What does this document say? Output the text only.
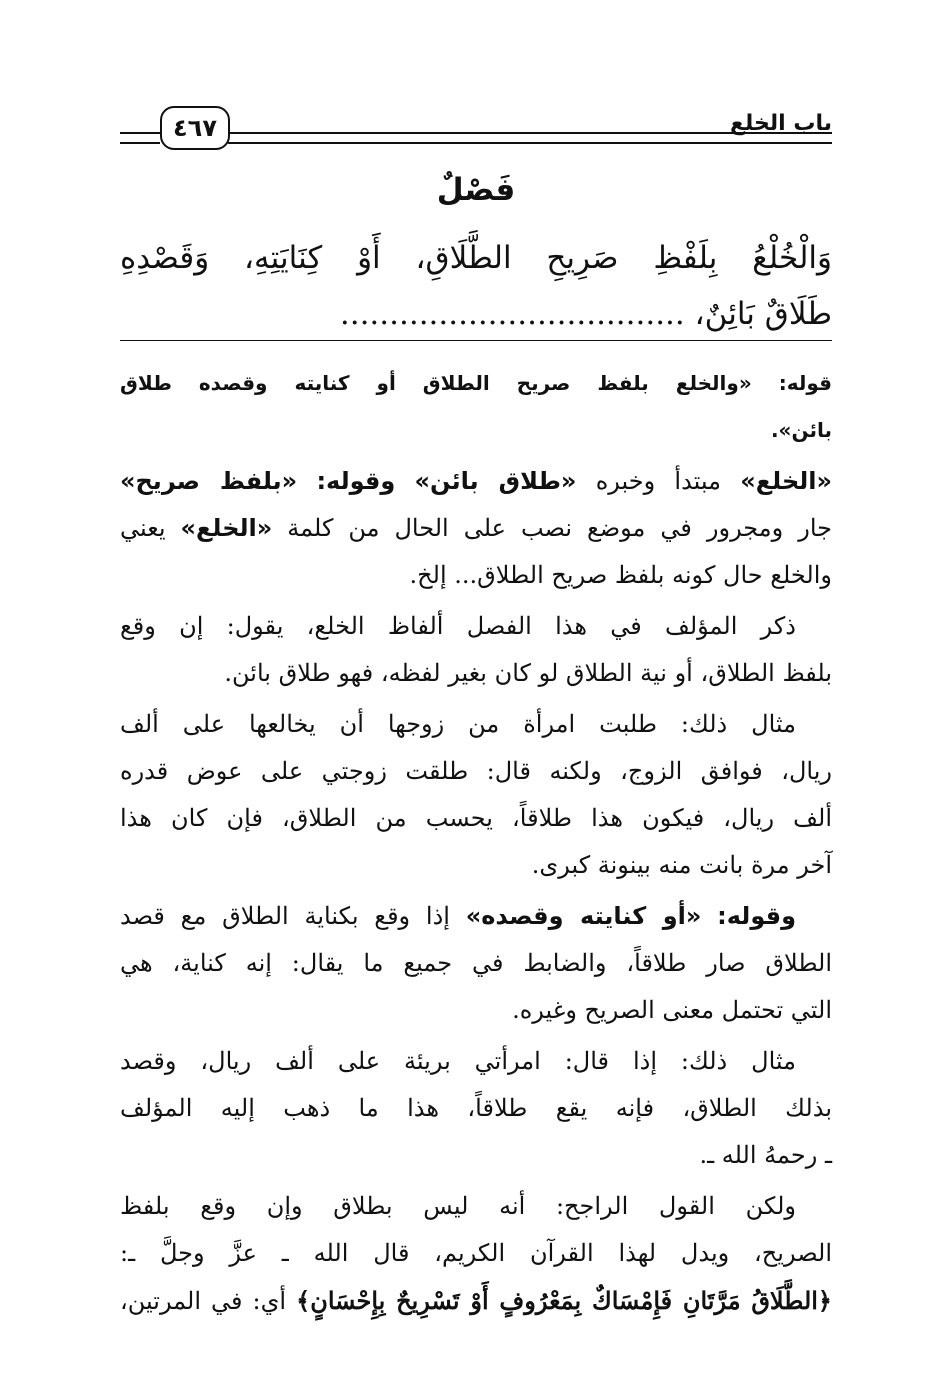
باب الخلع
٤٦٧
فَصْلٌ
وَالْخُلْعُ بِلَفْظِ صَرِيحِ الطَّلَاقِ، أَوْ كِنَايَتِهِ، وَقَصْدِهِ
طَلَاقٌ بَائِنٌ، ...................................
قوله: «والخلع بلفظ صريح الطلاق أو كنايته وقصده طلاق
بائن».
«الخلع» مبتدأ وخبره «طلاق بائن» وقوله: «بلفظ صريح»
جار ومجرور في موضع نصب على الحال من كلمة «الخلع» يعني
والخلع حال كونه بلفظ صريح الطلاق... إلخ.
ذكر المؤلف في هذا الفصل ألفاظ الخلع، يقول: إن وقع
بلفظ الطلاق، أو نية الطلاق لو كان بغير لفظه، فهو طلاق بائن.
مثال ذلك: طلبت امرأة من زوجها أن يخالعها على ألف
ريال، فوافق الزوج، ولكنه قال: طلقت زوجتي على عوض قدره
ألف ريال، فيكون هذا طلاقاً، يحسب من الطلاق، فإن كان هذا
آخر مرة بانت منه بينونة كبرى.
وقوله: «أو كنايته وقصده» إذا وقع بكناية الطلاق مع قصد
الطلاق صار طلاقاً، والضابط في جميع ما يقال: إنه كناية، هي
التي تحتمل معنى الصريح وغيره.
مثال ذلك: إذا قال: امرأتي بريئة على ألف ريال، وقصد
بذلك الطلاق، فإنه يقع طلاقاً، هذا ما ذهب إليه المؤلف
ـ رحمهُ الله ـ.
ولكن القول الراجح: أنه ليس بطلاق وإن وقع بلفظ
الصريح، ويدل لهذا القرآن الكريم، قال الله ـ عزَّ وجلَّ ـ:
﴿الطَّلَاقُ مَرَّتَانِ فَإِمْسَاكٌ بِمَعْرُوفٍ أَوْ تَسْرِيحٌ بِإِحْسَانٍ﴾ أي: في المرتين،
